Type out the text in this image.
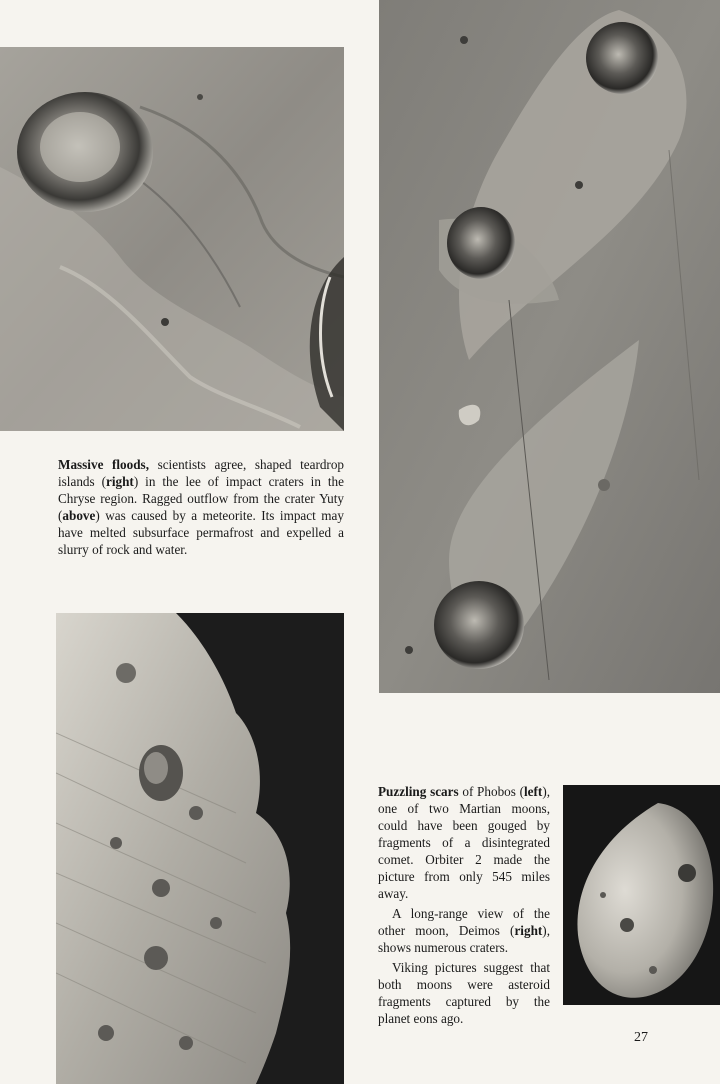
Massive floods, scientists agree, shaped teardrop islands (right) in the lee of impact craters in the Chryse region. Ragged outflow from the crater Yuty (above) was caused by a meteorite. Its impact may have melted subsurface permafrost and expelled a slurry of rock and water.

Puzzling scars of Phobos (left), one of two Martian moons, could have been gouged by fragments of a disintegrated comet. Orbiter 2 made the picture from only 545 miles away.

A long-range view of the other moon, Deimos (right), shows numerous craters.

Viking pictures suggest that both moons were asteroid fragments captured by the planet eons ago.

27
